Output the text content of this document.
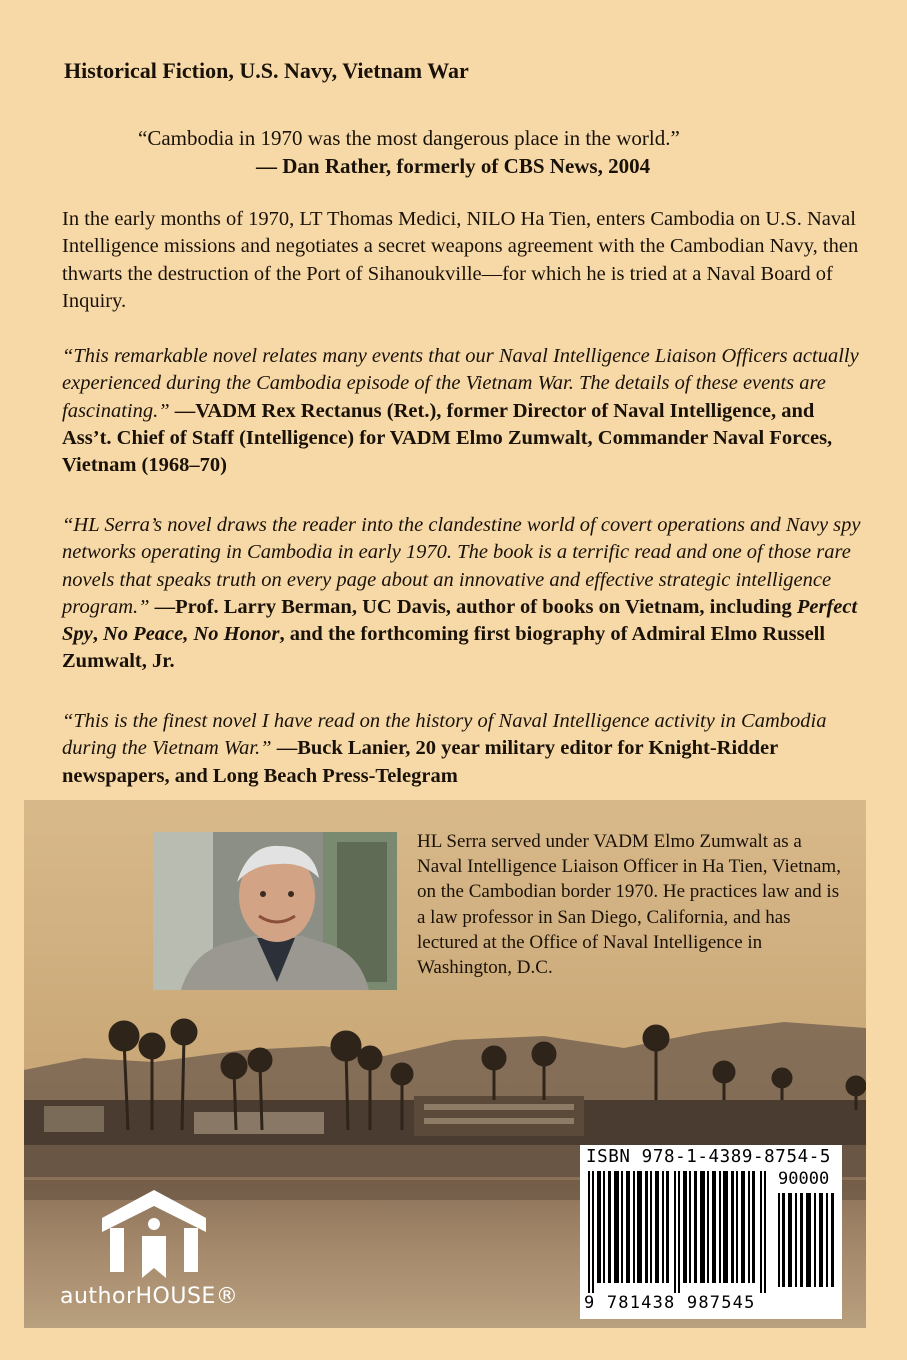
Historical Fiction, U.S. Navy, Vietnam War
“Cambodia in 1970 was the most dangerous place in the world.”
— Dan Rather, formerly of CBS News, 2004
In the early months of 1970, LT Thomas Medici, NILO Ha Tien, enters Cambodia on U.S. Naval Intelligence missions and negotiates a secret weapons agreement with the Cambodian Navy, then thwarts the destruction of the Port of Sihanoukville—for which he is tried at a Naval Board of Inquiry.
“This remarkable novel relates many events that our Naval Intelligence Liaison Officers actually experienced during the Cambodia episode of the Vietnam War. The details of these events are fascinating.” —VADM Rex Rectanus (Ret.), former Director of Naval Intelligence, and Ass’t. Chief of Staff (Intelligence) for VADM Elmo Zumwalt, Commander Naval Forces, Vietnam (1968–70)
“HL Serra’s novel draws the reader into the clandestine world of covert operations and Navy spy networks operating in Cambodia in early 1970. The book is a terrific read and one of those rare novels that speaks truth on every page about an innovative and effective strategic intelligence program.” —Prof. Larry Berman, UC Davis, author of books on Vietnam, including Perfect Spy, No Peace, No Honor, and the forthcoming first biography of Admiral Elmo Russell Zumwalt, Jr.
“This is the finest novel I have read on the history of Naval Intelligence activity in Cambodia during the Vietnam War.” —Buck Lanier, 20 year military editor for Knight-Ridder newspapers, and Long Beach Press-Telegram
HL Serra served under VADM Elmo Zumwalt as a Naval Intelligence Liaison Officer in Ha Tien, Vietnam, on the Cambodian border 1970. He practices law and is a law professor in San Diego, California, and has lectured at the Office of Naval Intelligence in Washington, D.C.
authorHOUSE®
ISBN 978-1-4389-8754-5
90000
9 781438 987545
